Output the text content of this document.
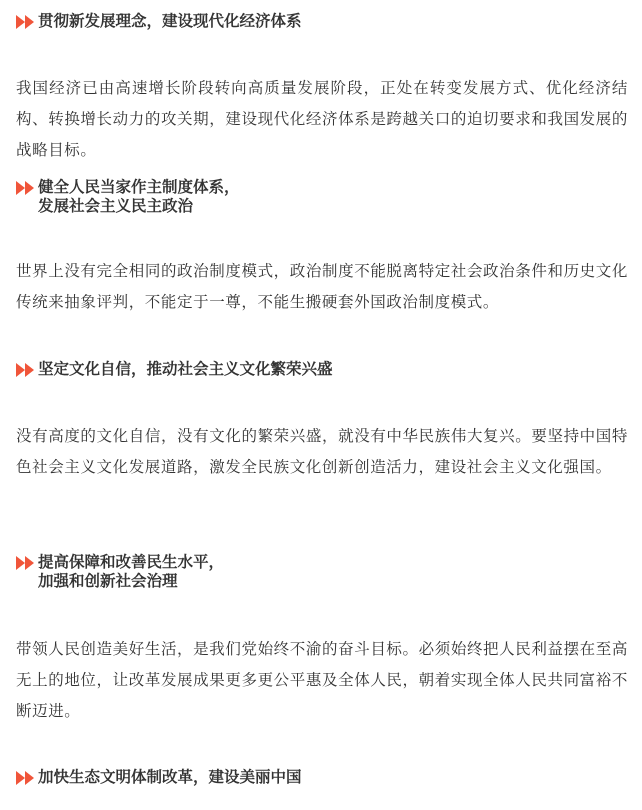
贯彻新发展理念，建设现代化经济体系

我国经济已由高速增长阶段转向高质量发展阶段，正处在转变发展方式、优化经济结构、转换增长动力的攻关期，建设现代化经济体系是跨越关口的迫切要求和我国发展的战略目标。

健全人民当家作主制度体系，
发展社会主义民主政治

世界上没有完全相同的政治制度模式，政治制度不能脱离特定社会政治条件和历史文化传统来抽象评判，不能定于一尊，不能生搬硬套外国政治制度模式。

坚定文化自信，推动社会主义文化繁荣兴盛

没有高度的文化自信，没有文化的繁荣兴盛，就没有中华民族伟大复兴。要坚持中国特色社会主义文化发展道路，激发全民族文化创新创造活力，建设社会主义文化强国。

提高保障和改善民生水平，
加强和创新社会治理

带领人民创造美好生活，是我们党始终不渝的奋斗目标。必须始终把人民利益摆在至高无上的地位，让改革发展成果更多更公平惠及全体人民，朝着实现全体人民共同富裕不断迈进。

加快生态文明体制改革，建设美丽中国
